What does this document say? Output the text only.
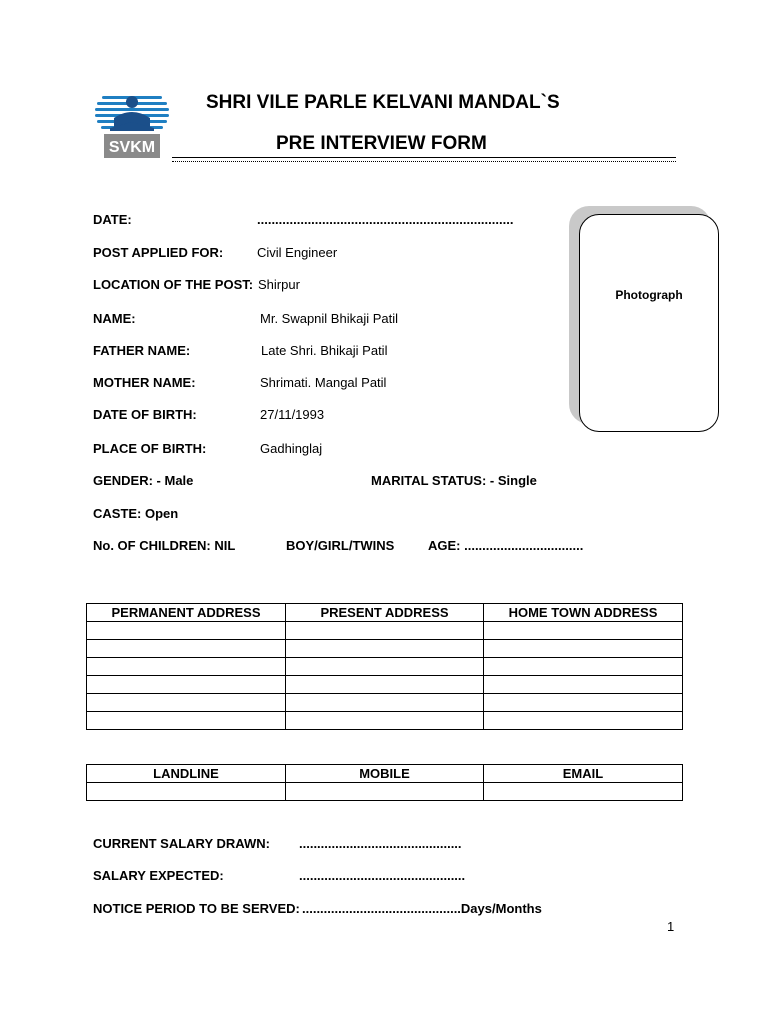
SVKM
SHRI VILE PARLE KELVANI MANDAL`S
PRE INTERVIEW FORM
Photograph
DATE:	.......................................................................
POST APPLIED FOR:	Civil Engineer
LOCATION OF THE POST: Shirpur
NAME:	Mr. Swapnil Bhikaji Patil
FATHER NAME:	Late Shri. Bhikaji Patil
MOTHER NAME:	Shrimati. Mangal Patil
DATE OF BIRTH:	27/11/1993
PLACE OF BIRTH:	Gadhinglaj
GENDER: - Male	MARITAL STATUS: - Single
CASTE: Open
No. OF CHILDREN: NIL	BOY/GIRL/TWINS	AGE: .................................
PERMANENT ADDRESS	PRESENT ADDRESS	HOME TOWN ADDRESS

LANDLINE	MOBILE	EMAIL

CURRENT SALARY DRAWN: .............................................
SALARY EXPECTED:	..............................................
NOTICE PERIOD TO BE SERVED: ............................................Days/Months
1
